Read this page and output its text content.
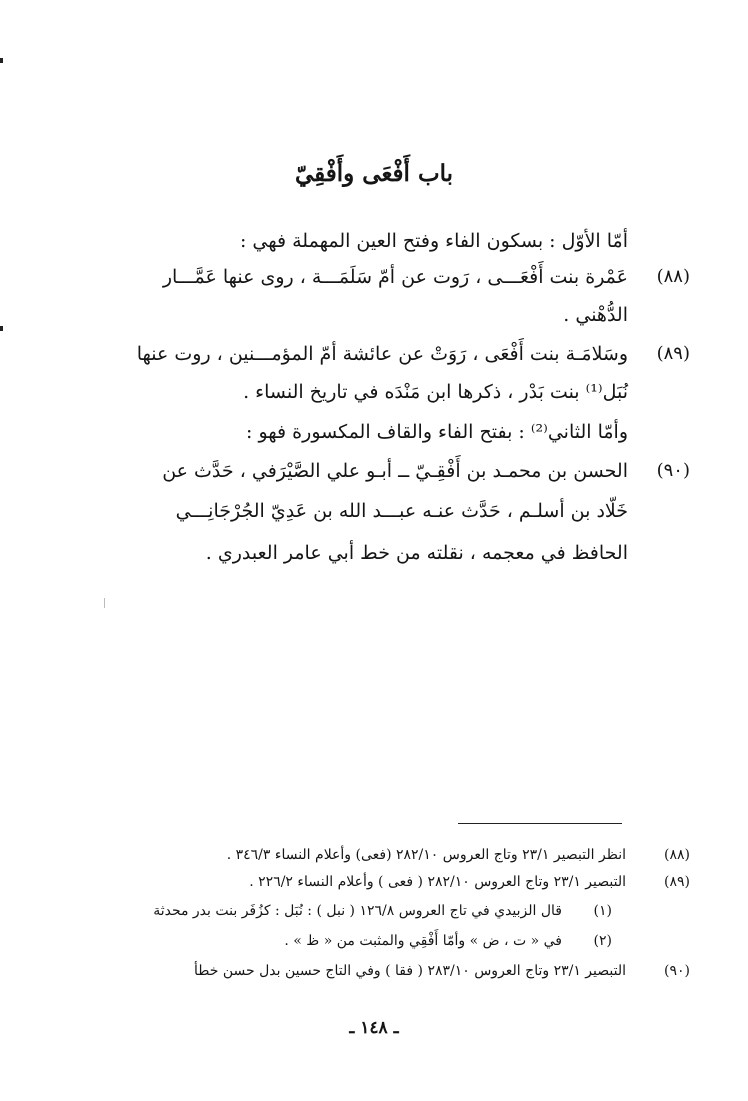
باب أَفْعَى وأَفْقِيّ
أمّا الأوّل : بسكون الفاء وفتح العين المهملة فهي :
(٨٨)
عَمْرة بنت أَفْعَـــى ، رَوت عن أمّ سَلَمَـــة ، روى عنها عَمَّـــار
الدُّهْني .
(٨٩)
وسَلامَـة بنت أَفْعَى ، رَوَتْ عن عائشة أمّ المؤمـــنين ، روت عنها
نُبَل⁽¹⁾ بنت بَدْر ، ذكرها ابن مَنْدَه في تاريخ النساء .
وأمّا الثاني⁽²⁾ : بفتح الفاء والقاف المكسورة فهو :
(٩٠)
الحسن بن محمـد بن أَفْقِـيّ ــ أبـو علي الصَّيْرَفي ، حَدَّث عن
خَلّاد بن أسلـم ، حَدَّث عنـه عبـــد الله بن عَدِيّ الجُرْجَانِـــي
الحافظ في معجمه ، نقلته من خط أبي عامر العبدري .
(٨٨)
انظر التبصير ٢٣/١ وتاج العروس ٢٨٢/١٠ (فعى) وأعلام النساء ٣٤٦/٣ .
(٨٩)
التبصير ٢٣/١ وتاج العروس ٢٨٢/١٠ ( فعى ) وأعلام النساء ٢٢٦/٢ .
(١)
قال الزبيدي في تاج العروس ١٢٦/٨ ( نبل ) : نُبَل : كزُفَر بنت بدر محدثة
(٢)
في « ت ، ض » وأمّا أَفْقِي والمثبت من « ظ » .
(٩٠)
التبصير ٢٣/١ وتاج العروس ٢٨٣/١٠ ( فقا ) وفي التاج حسين بدل حسن خطأ
ـ ١٤٨ ـ
